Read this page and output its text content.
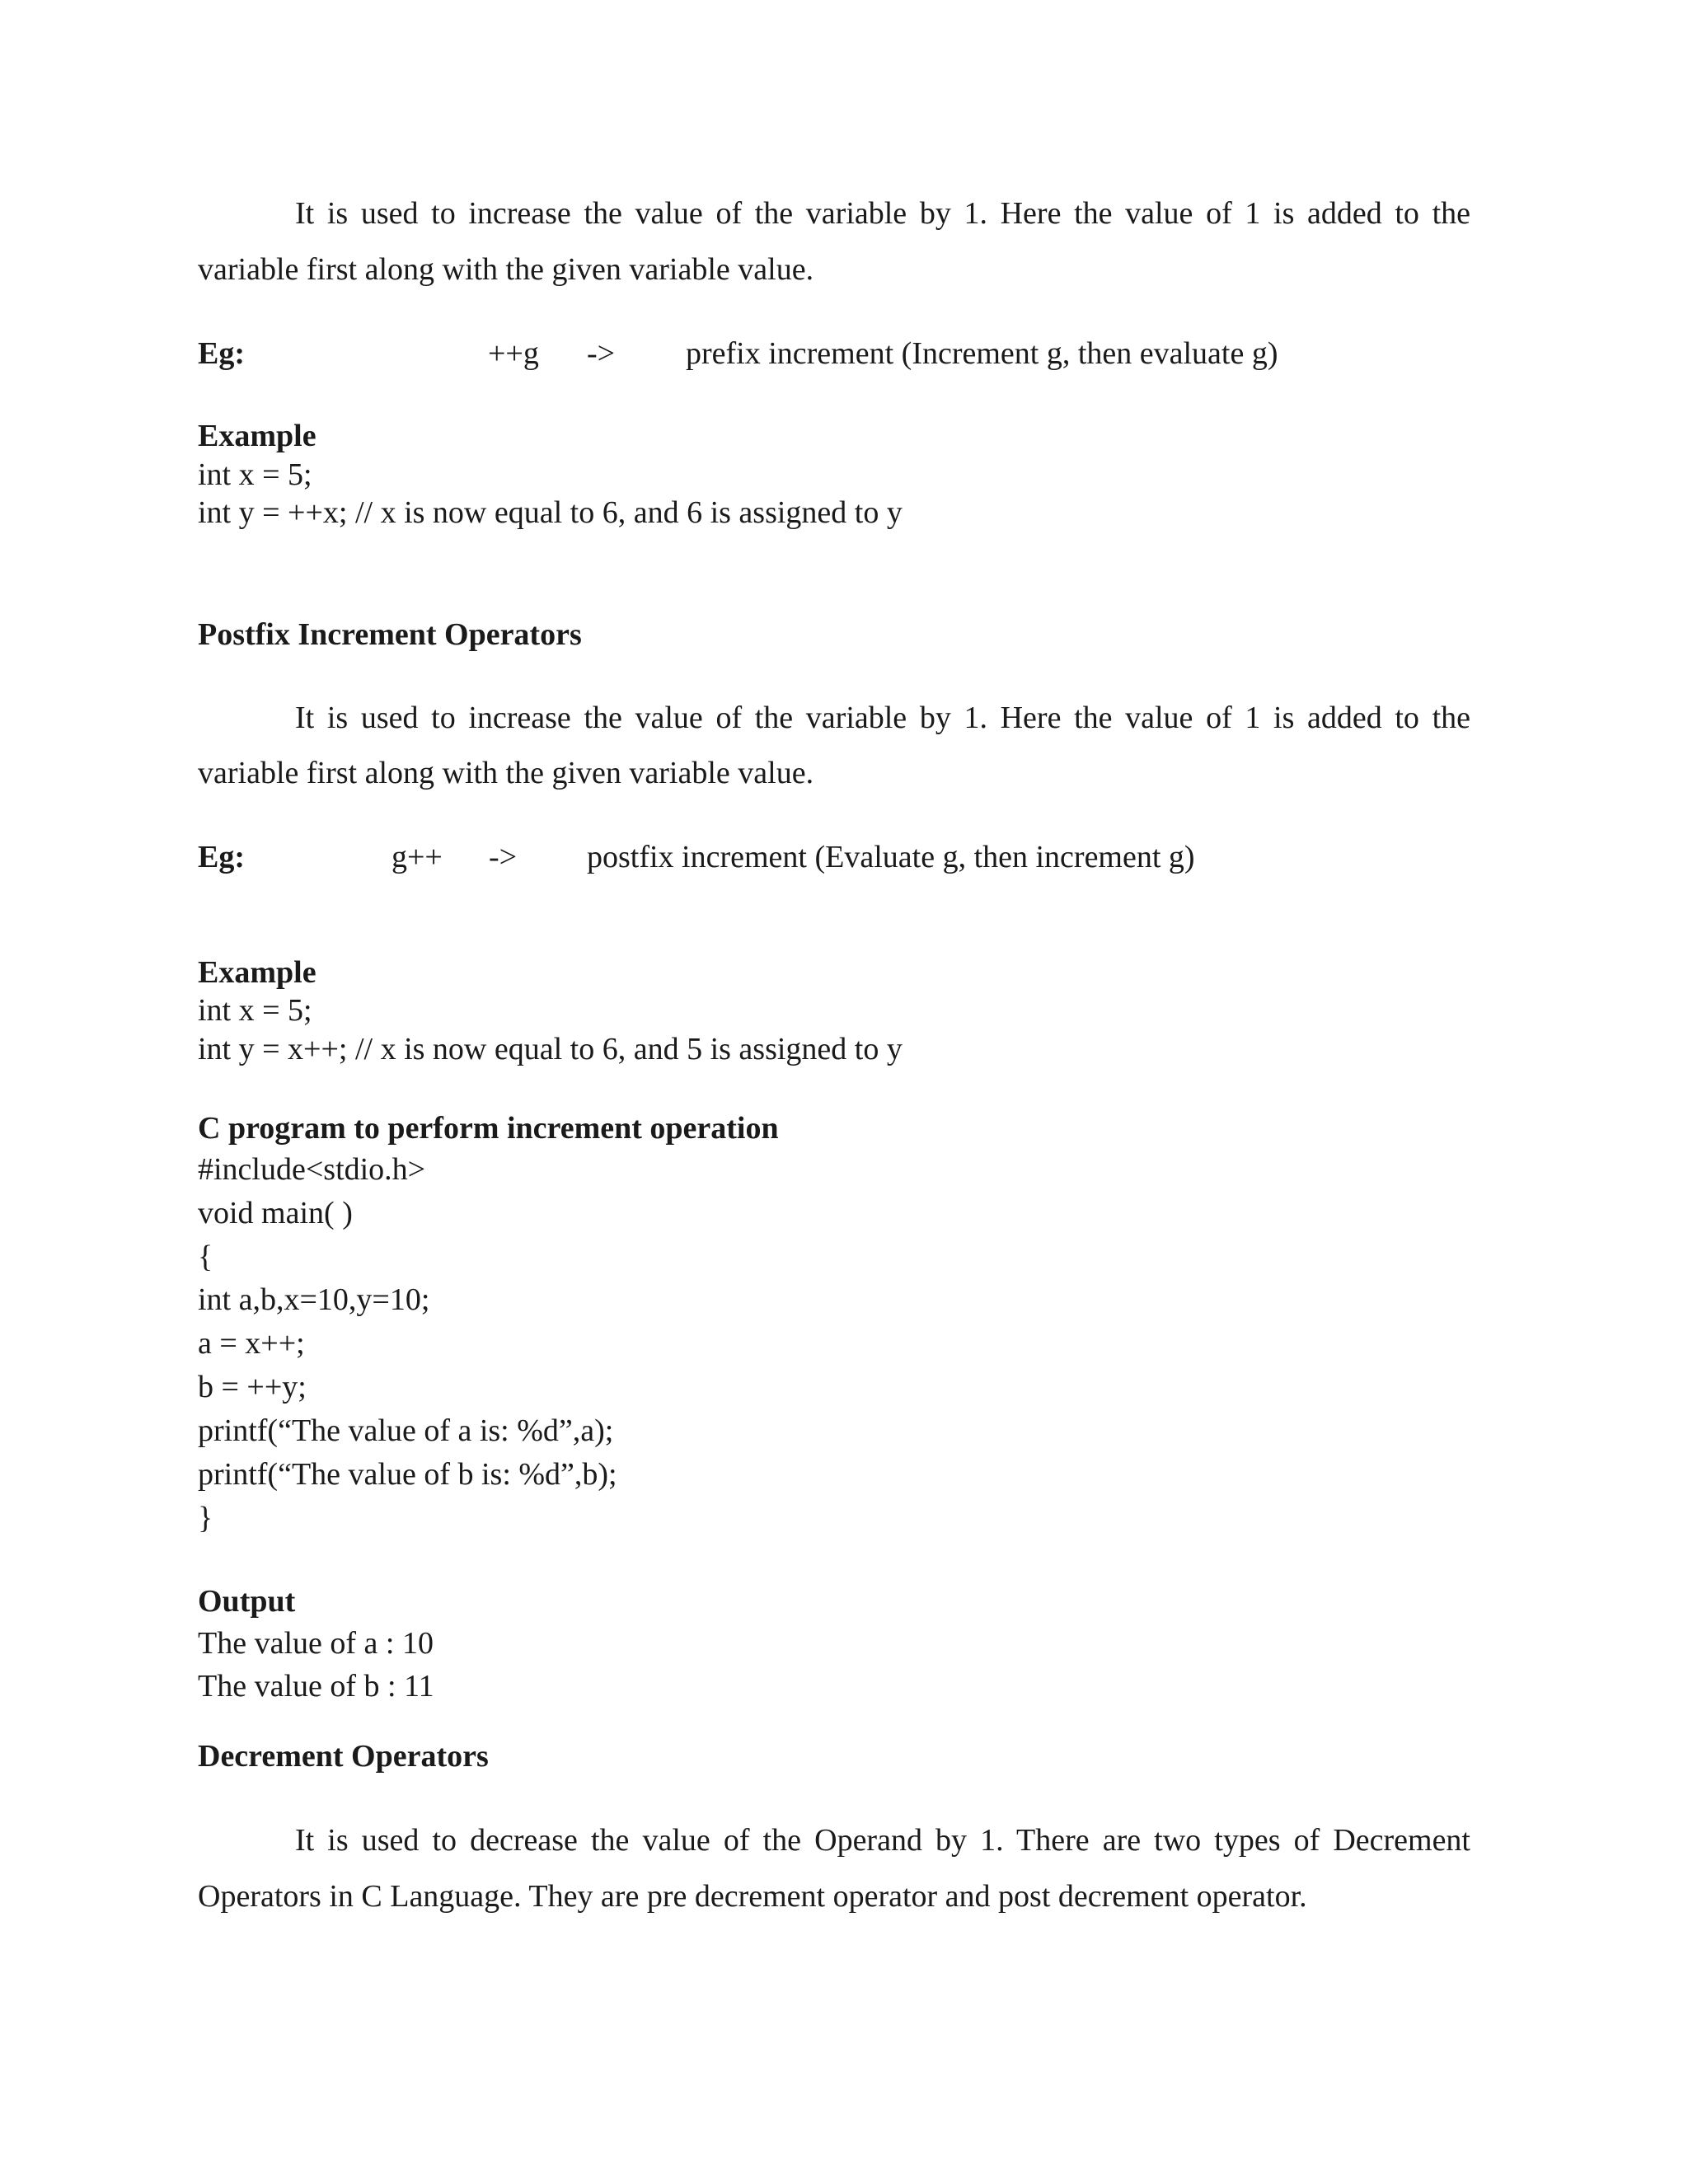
It is used to increase the value of the variable by 1. Here the value of 1 is added to the
variable first along with the given variable value.
Eg:	++g -> prefix increment (Increment g, then evaluate g)
Example
int x = 5;
int y = ++x; // x is now equal to 6, and 6 is assigned to y
Postfix Increment Operators
It is used to increase the value of the variable by 1. Here the value of 1 is added to the
variable first along with the given variable value.
Eg:	g++ -> postfix increment (Evaluate g, then increment g)
Example
int x = 5;
int y = x++; // x is now equal to 6, and 5 is assigned to y
C program to perform increment operation
#include<stdio.h>
void main( )
{
int a,b,x=10,y=10;
a = x++;
b = ++y;
printf(“The value of a is: %d”,a);
printf(“The value of b is: %d”,b);
}
Output
The value of a : 10
The value of b : 11
Decrement Operators
It is used to decrease the value of the Operand by 1. There are two types of Decrement
Operators in C Language. They are pre decrement operator and post decrement operator.
